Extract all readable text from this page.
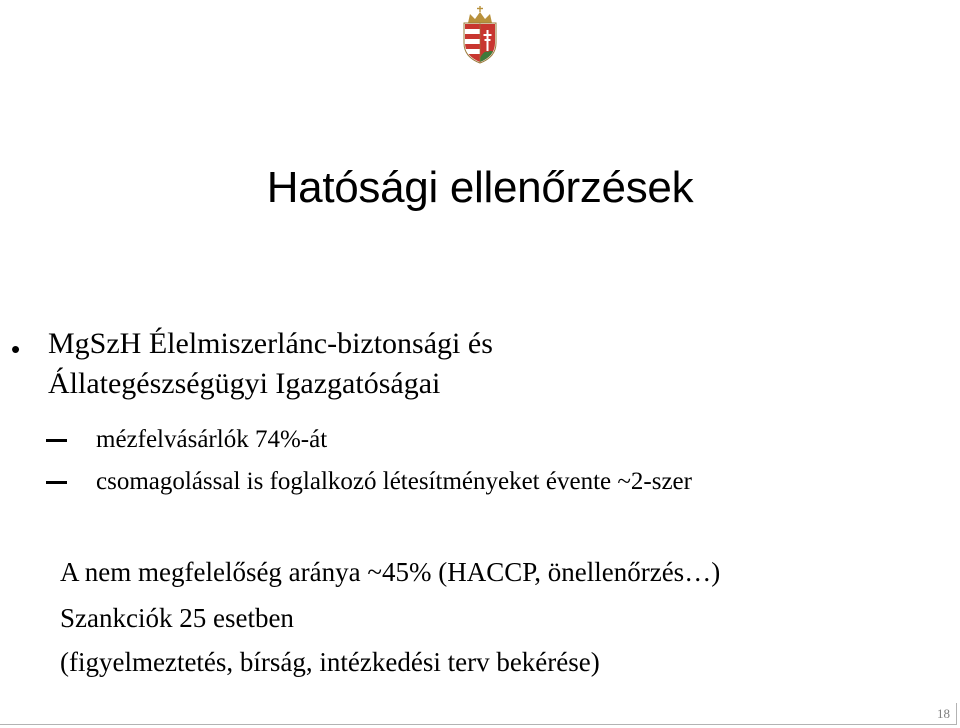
Hatósági ellenőrzések
• MgSzH Élelmiszerlánc-biztonsági és
Állategészségügyi Igazgatóságai
mézfelvásárlók 74%-át
csomagolással is foglalkozó létesítményeket évente ~2-szer
A nem megfelelőség aránya ~45% (HACCP, önellenőrzés…)
Szankciók 25 esetben
(figyelmeztetés, bírság, intézkedési terv bekérése)
18
